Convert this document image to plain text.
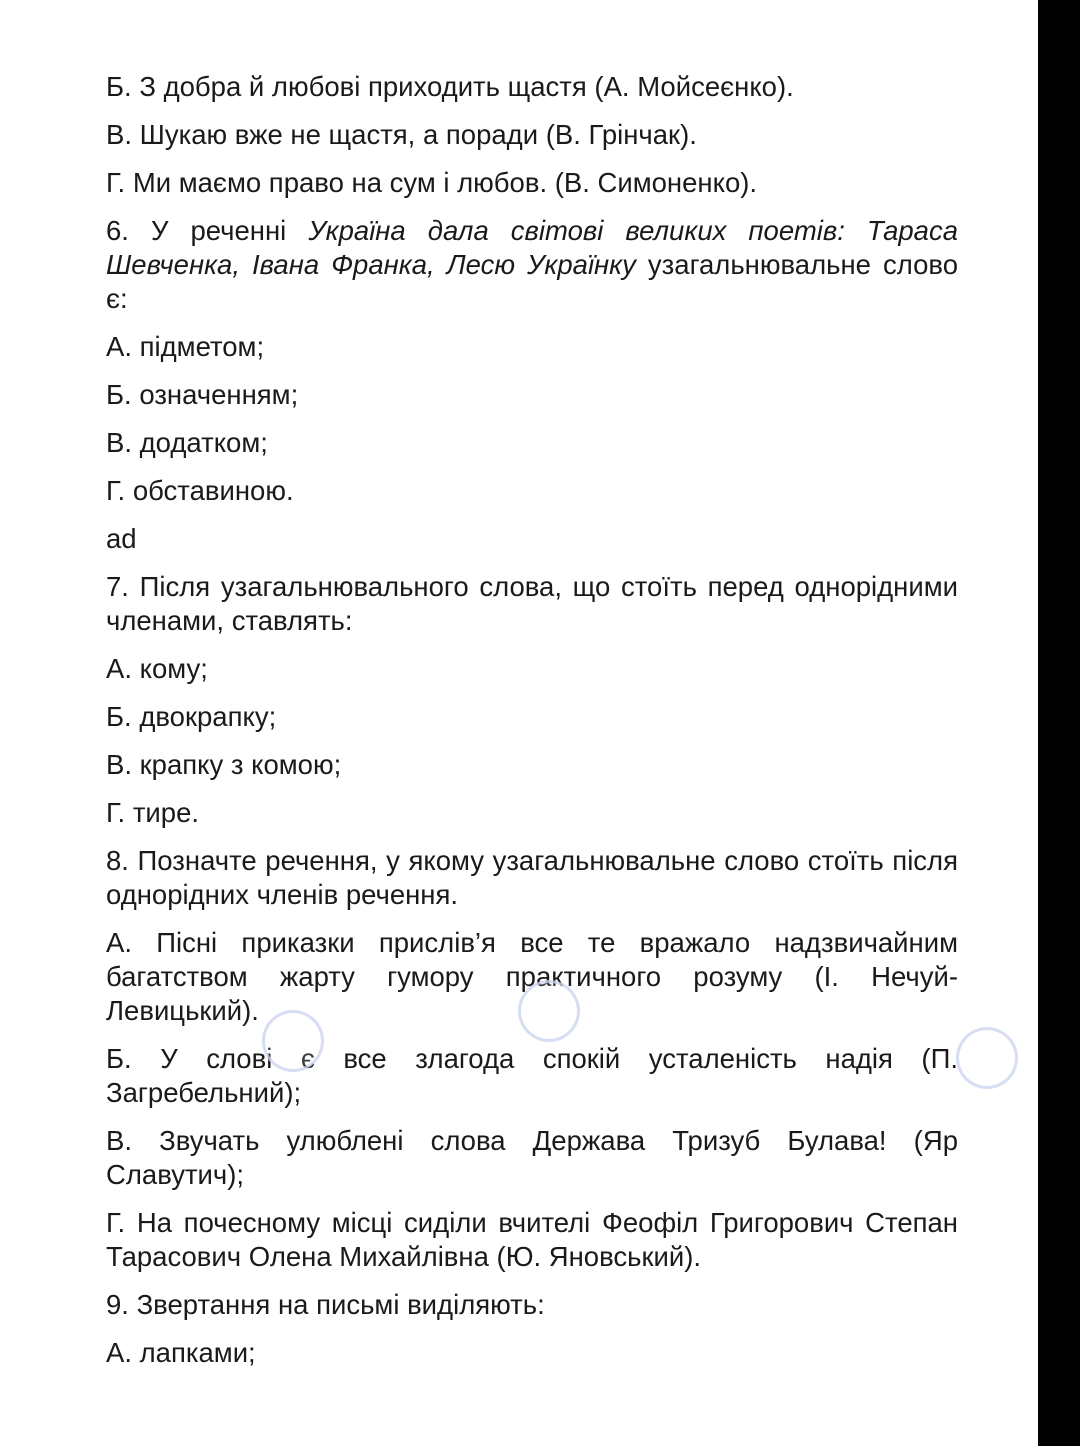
Б. З добра й любові приходить щастя (А. Мойсеєнко).

В. Шукаю вже не щастя, а поради (В. Грінчак).

Г. Ми маємо право на сум і любов. (В. Симоненко).

6. У реченні Україна дала світові великих поетів: Тараса Шевченка, Івана Франка, Лесю Українку узагальнювальне слово є:

А. підметом;

Б. означенням;

В. додатком;

Г. обставиною.

ad

7. Після узагальнювального слова, що стоїть перед однорідними членами, ставлять:

А. кому;

Б. двокрапку;

В. крапку з комою;

Г. тире.

8. Позначте речення, у якому узагальнювальне слово стоїть після однорідних членів речення.

А. Пісні приказки прислів’я все те вражало надзвичайним багатством жарту гумору практичного розуму (І. Нечуй-Левицький).

Б. У слові є все злагода спокій усталеність надія (П. Загребельний);

В. Звучать улюблені слова Держава Тризуб Булава! (Яр Славутич);

Г. На почесному місці сиділи вчителі Феофіл Григорович Степан Тарасович Олена Михайлівна (Ю. Яновський).

9. Звертання на письмі виділяють:

А. лапками;
